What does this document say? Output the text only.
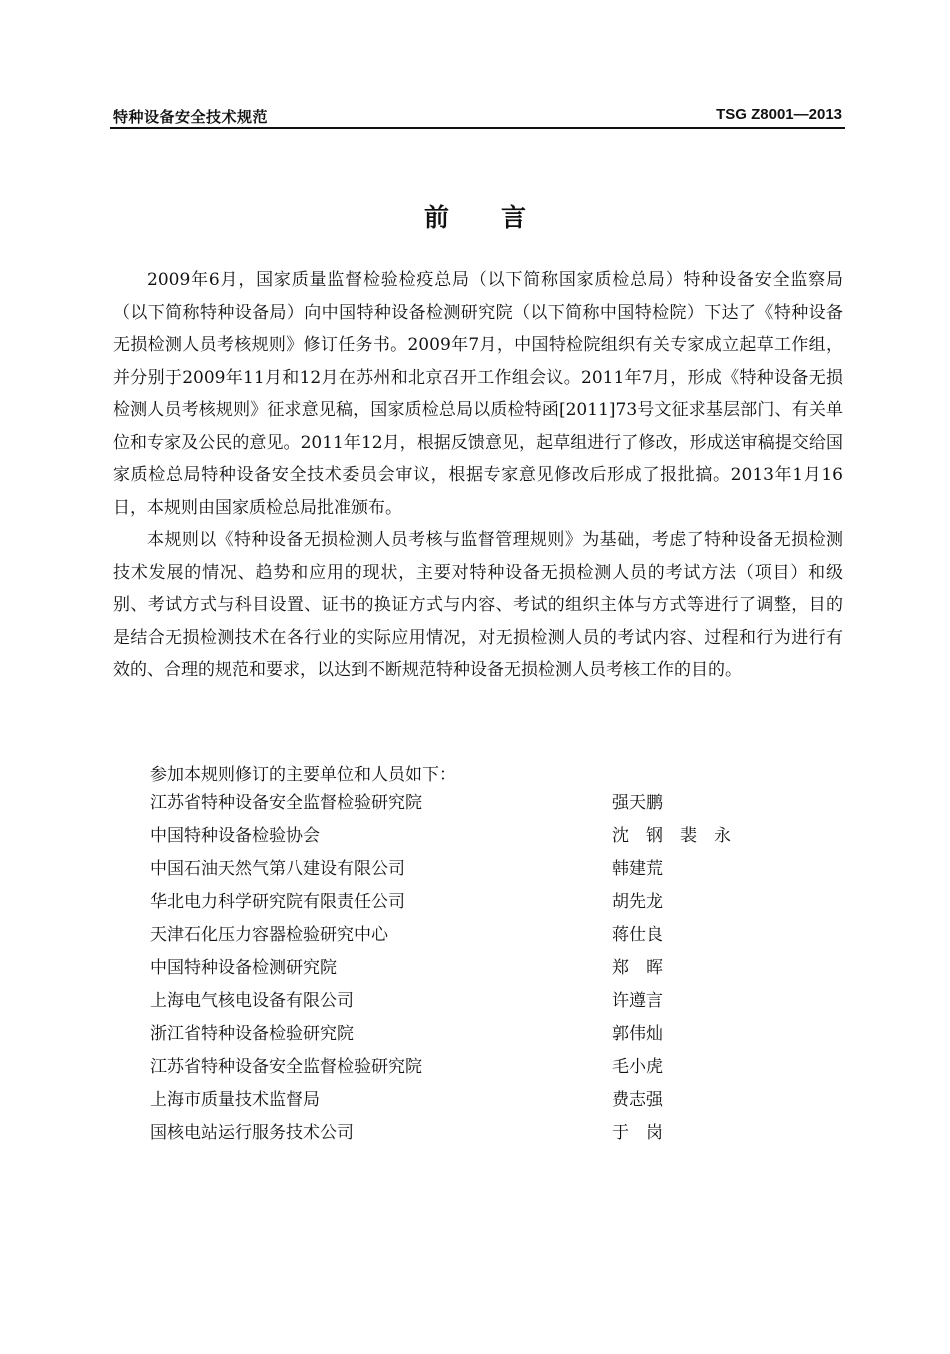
特种设备安全技术规范	TSG Z8001—2013
前言

2009年6月，国家质量监督检验检疫总局（以下简称国家质检总局）特种设备安全监察局（以下简称特种设备局）向中国特种设备检测研究院（以下简称中国特检院）下达了《特种设备无损检测人员考核规则》修订任务书。2009年7月，中国特检院组织有关专家成立起草工作组，并分别于2009年11月和12月在苏州和北京召开工作组会议。2011年7月，形成《特种设备无损检测人员考核规则》征求意见稿，国家质检总局以质检特函[2011]73号文征求基层部门、有关单位和专家及公民的意见。2011年12月，根据反馈意见，起草组进行了修改，形成送审稿提交给国家质检总局特种设备安全技术委员会审议，根据专家意见修改后形成了报批搞。2013年1月16日，本规则由国家质检总局批准颁布。

本规则以《特种设备无损检测人员考核与监督管理规则》为基础，考虑了特种设备无损检测技术发展的情况、趋势和应用的现状，主要对特种设备无损检测人员的考试方法（项目）和级别、考试方式与科目设置、证书的换证方式与内容、考试的组织主体与方式等进行了调整，目的是结合无损检测技术在各行业的实际应用情况，对无损检测人员的考试内容、过程和行为进行有效的、合理的规范和要求，以达到不断规范特种设备无损检测人员考核工作的目的。

参加本规则修订的主要单位和人员如下：
江苏省特种设备安全监督检验研究院	强天鹏
中国特种设备检验协会	沈　钢　裴　永
中国石油天然气第八建设有限公司	韩建荒
华北电力科学研究院有限责任公司	胡先龙
天津石化压力容器检验研究中心	蒋仕良
中国特种设备检测研究院	郑　晖
上海电气核电设备有限公司	许遵言
浙江省特种设备检验研究院	郭伟灿
江苏省特种设备安全监督检验研究院	毛小虎
上海市质量技术监督局	费志强
国核电站运行服务技术公司	于　岗
